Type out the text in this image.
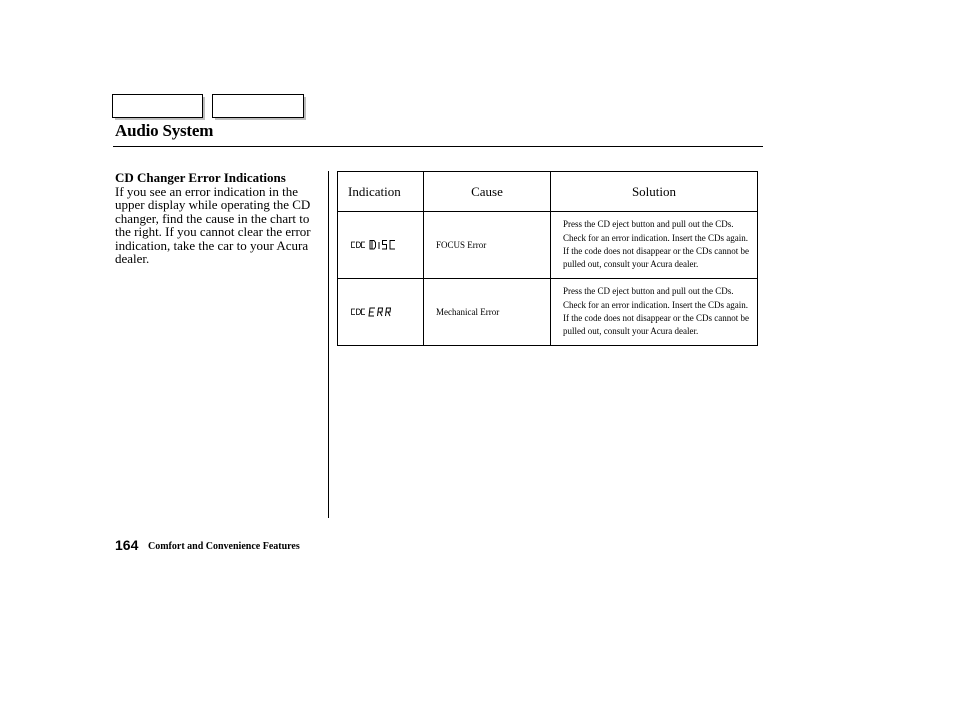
Audio System
CD Changer Error Indications
If you see an error indication in the upper display while operating the CD changer, find the cause in the chart to the right. If you cannot clear the error indication, take the car to your Acura dealer.
Indication	Cause	Solution

	FOCUS Error	Press the CD eject button and pull out the CDs. Check for an error indication. Insert the CDs again. If the code does not disappear or the CDs cannot be pulled out, consult your Acura dealer.

	Mechanical Error	Press the CD eject button and pull out the CDs. Check for an error indication. Insert the CDs again. If the code does not disappear or the CDs cannot be pulled out, consult your Acura dealer.
164 Comfort and Convenience Features
